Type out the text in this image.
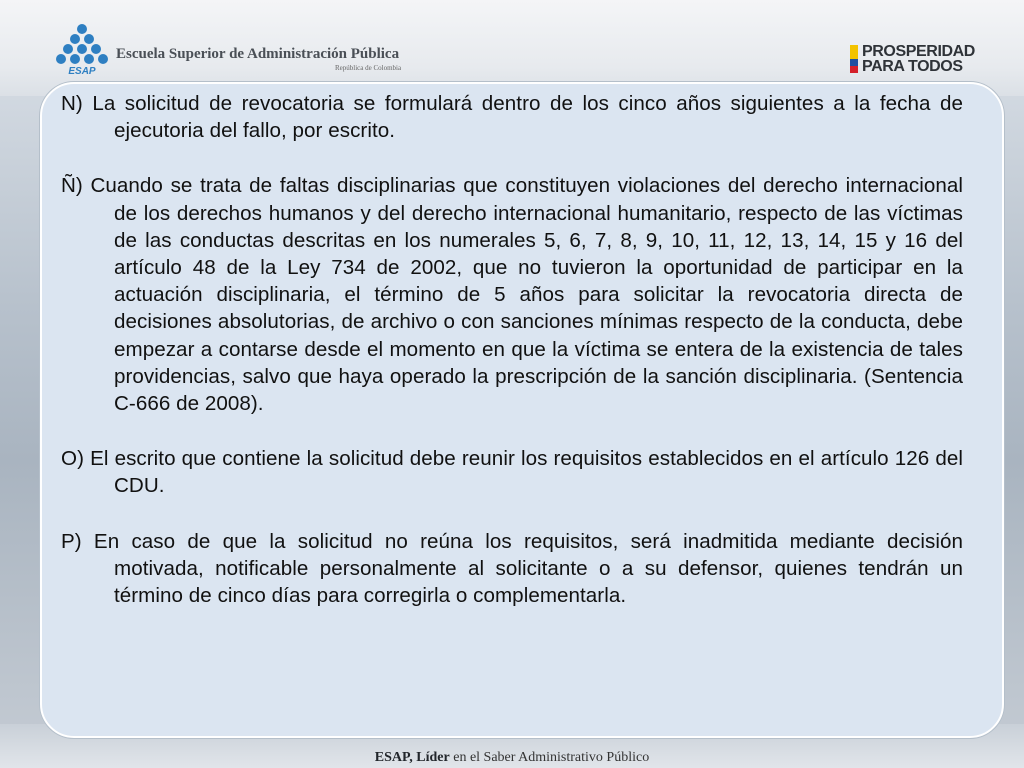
ESAP
Escuela Superior de Administración Pública
República de Colombia
PROSPERIDAD
PARA TODOS

N) La solicitud de revocatoria se formulará dentro de los cinco años siguientes a la fecha de ejecutoria del fallo, por escrito.

Ñ) Cuando se trata de faltas disciplinarias que constituyen violaciones del derecho internacional de los derechos humanos y del derecho internacional humanitario, respecto de las víctimas de las conductas descritas en los numerales 5, 6, 7, 8, 9, 10, 11, 12, 13, 14, 15 y 16 del artículo 48 de la Ley 734 de 2002, que no tuvieron la oportunidad de participar en la actuación disciplinaria, el término de 5 años para solicitar la revocatoria directa de decisiones absolutorias, de archivo o con sanciones mínimas respecto de la conducta, debe empezar a contarse desde el momento en que la víctima se entera de la existencia de tales providencias, salvo que haya operado la prescripción de la sanción disciplinaria. (Sentencia C-666 de 2008).

O) El escrito que contiene la solicitud debe reunir los requisitos establecidos en el artículo 126 del CDU.

P) En caso de que la solicitud no reúna los requisitos, será inadmitida mediante decisión motivada, notificable personalmente al solicitante o a su defensor, quienes tendrán un término de cinco días para corregirla o complementarla.

ESAP, Líder en el Saber Administrativo Público
